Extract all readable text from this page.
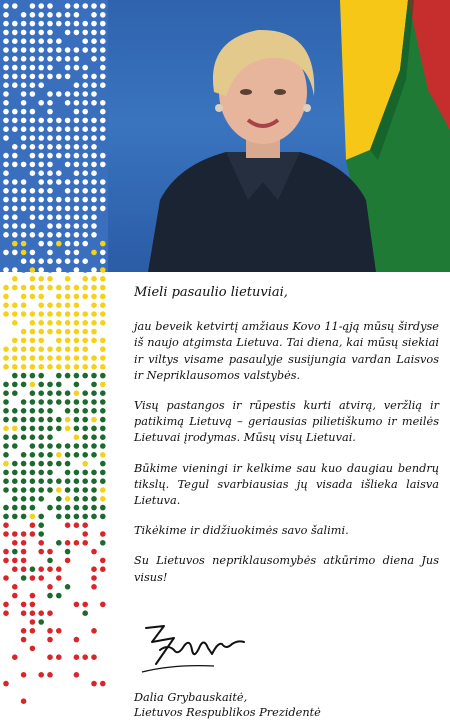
Mieli pasaulio lietuviai,

jau beveik ketvirtį amžiaus Kovo 11-ąją mūsų širdyse iš naujo atgimsta Lietuva. Tai diena, kai mūsų siekiai ir viltys visame pasaulyje susijungia vardan Laisvos ir Nepriklausomos valstybės.

Visų pastangos ir rūpestis kurti atvirą, veržlią ir patikimą Lietuvą – geriausias pilietiškumo ir meilės Lietuvai įrodymas. Mūsų visų Lietuvai.

Būkime vieningi ir kelkime sau kuo daugiau bendrų tikslų. Tegul svarbiausias jų visada išlieka laisva Lietuva.

Tikėkime ir didžiuokimės savo šalimi.

Su Lietuvos nepriklausomybės atkūrimo diena Jus visus!

Dalia Grybauskaitė,
Lietuvos Respublikos Prezidentė
